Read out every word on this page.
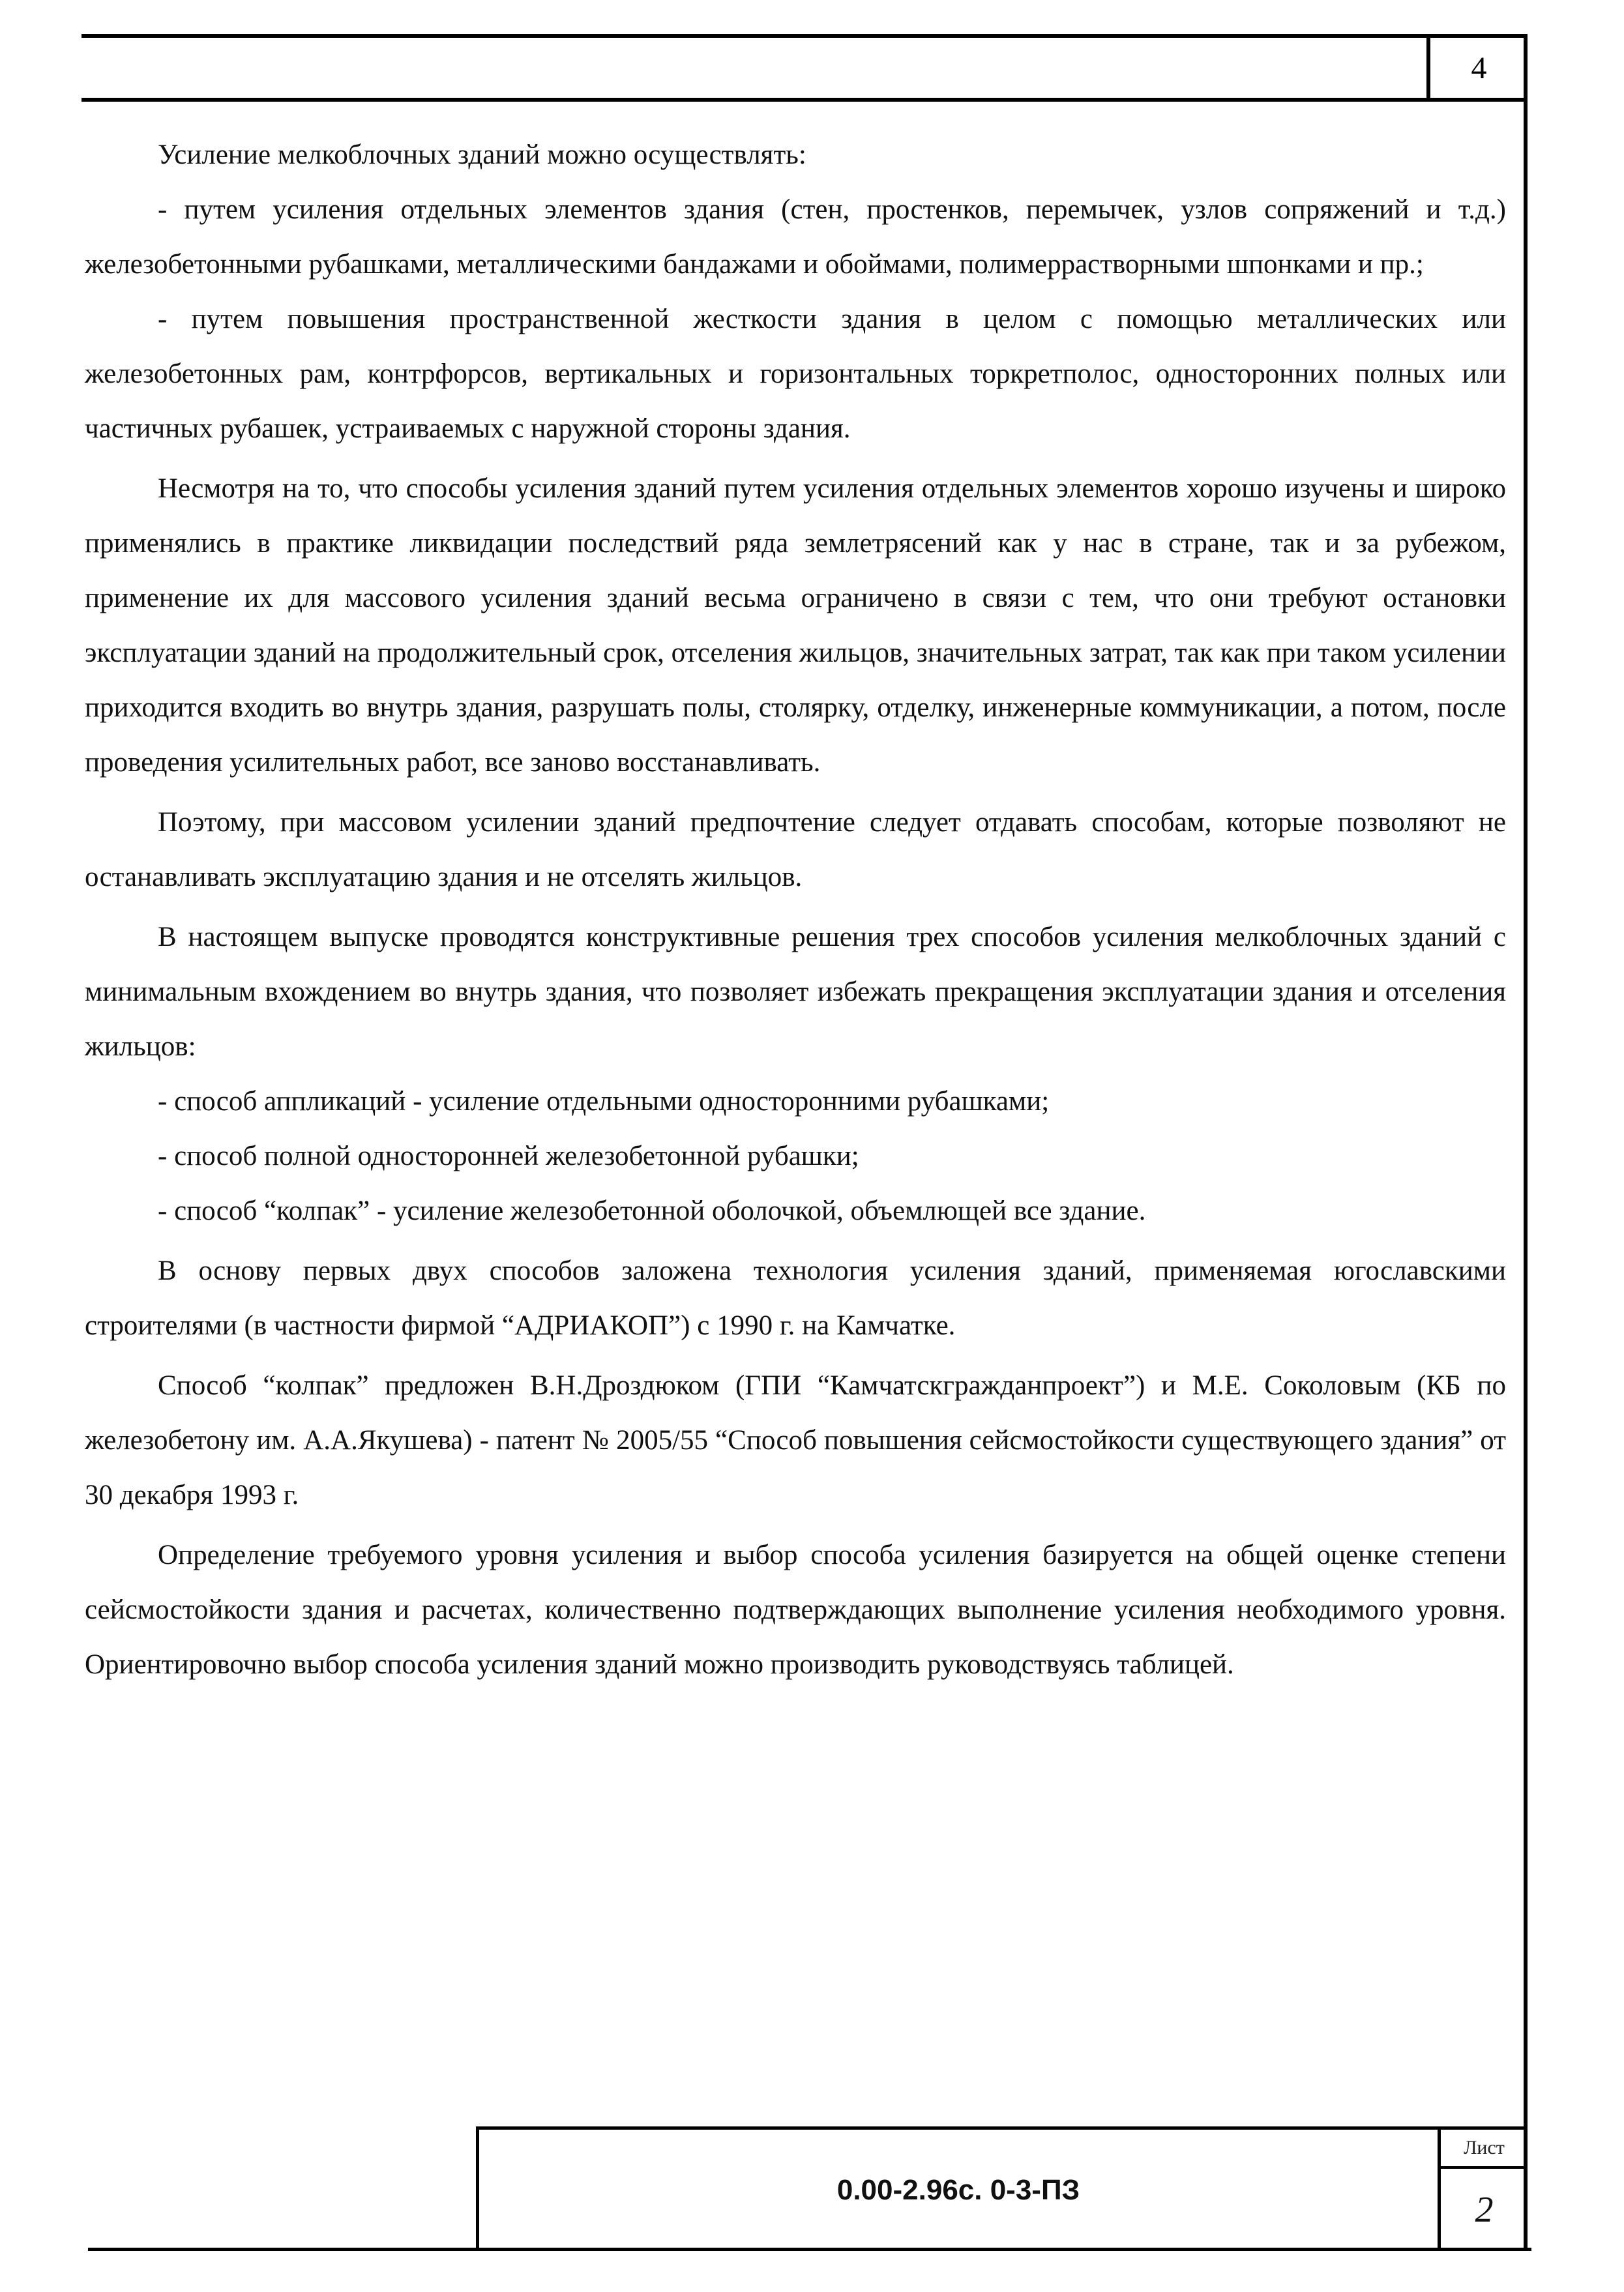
4

Усиление мелкоблочных зданий можно осуществлять:

- путем усиления отдельных элементов здания (стен, простенков, перемычек, узлов сопряжений и т.д.) железобетонными рубашками, металлическими бандажами и обоймами, полимеррастворными шпонками и пр.;

- путем повышения пространственной жесткости здания в целом с помощью металлических или железобетонных рам, контрфорсов, вертикальных и горизонтальных торкретполос, односторонних полных или частичных рубашек, устраиваемых с наружной стороны здания.

Несмотря на то, что способы усиления зданий путем усиления отдельных элементов хорошо изучены и широко применялись в практике ликвидации последствий ряда землетрясений как у нас в стране, так и за рубежом, применение их для массового усиления зданий весьма ограничено в связи с тем, что они требуют остановки эксплуатации зданий на продолжительный срок, отселения жильцов, значительных затрат, так как при таком усилении приходится входить во внутрь здания, разрушать полы, столярку, отделку, инженерные коммуникации, а потом, после проведения усилительных работ, все заново восстанавливать.

Поэтому, при массовом усилении зданий предпочтение следует отдавать способам, которые позволяют не останавливать эксплуатацию здания и не отселять жильцов.

В настоящем выпуске проводятся конструктивные решения трех способов усиления мелкоблочных зданий с минимальным вхождением во внутрь здания, что позволяет избежать прекращения эксплуатации здания и отселения жильцов:

- способ аппликаций - усиление отдельными односторонними рубашками;

- способ полной односторонней железобетонной рубашки;

- способ “колпак” - усиление железобетонной оболочкой, объемлющей все здание.

В основу первых двух способов заложена технология усиления зданий, применяемая югославскими строителями (в частности фирмой “АДРИАКОП”) с 1990 г. на Камчатке.

Способ “колпак” предложен В.Н.Дроздюком (ГПИ “Камчатскгражданпроект”) и М.Е. Соколовым (КБ по железобетону им. А.А.Якушева) - патент № 2005/55 “Способ повышения сейсмостойкости существующего здания” от 30 декабря 1993 г.

Определение требуемого уровня усиления и выбор способа усиления базируется на общей оценке степени сейсмостойкости здания и расчетах, количественно подтверждающих выполнение усиления необходимого уровня. Ориентировочно выбор способа усиления зданий можно производить руководствуясь таблицей.

0.00-2.96с. 0-3-ПЗ
Лист
2
